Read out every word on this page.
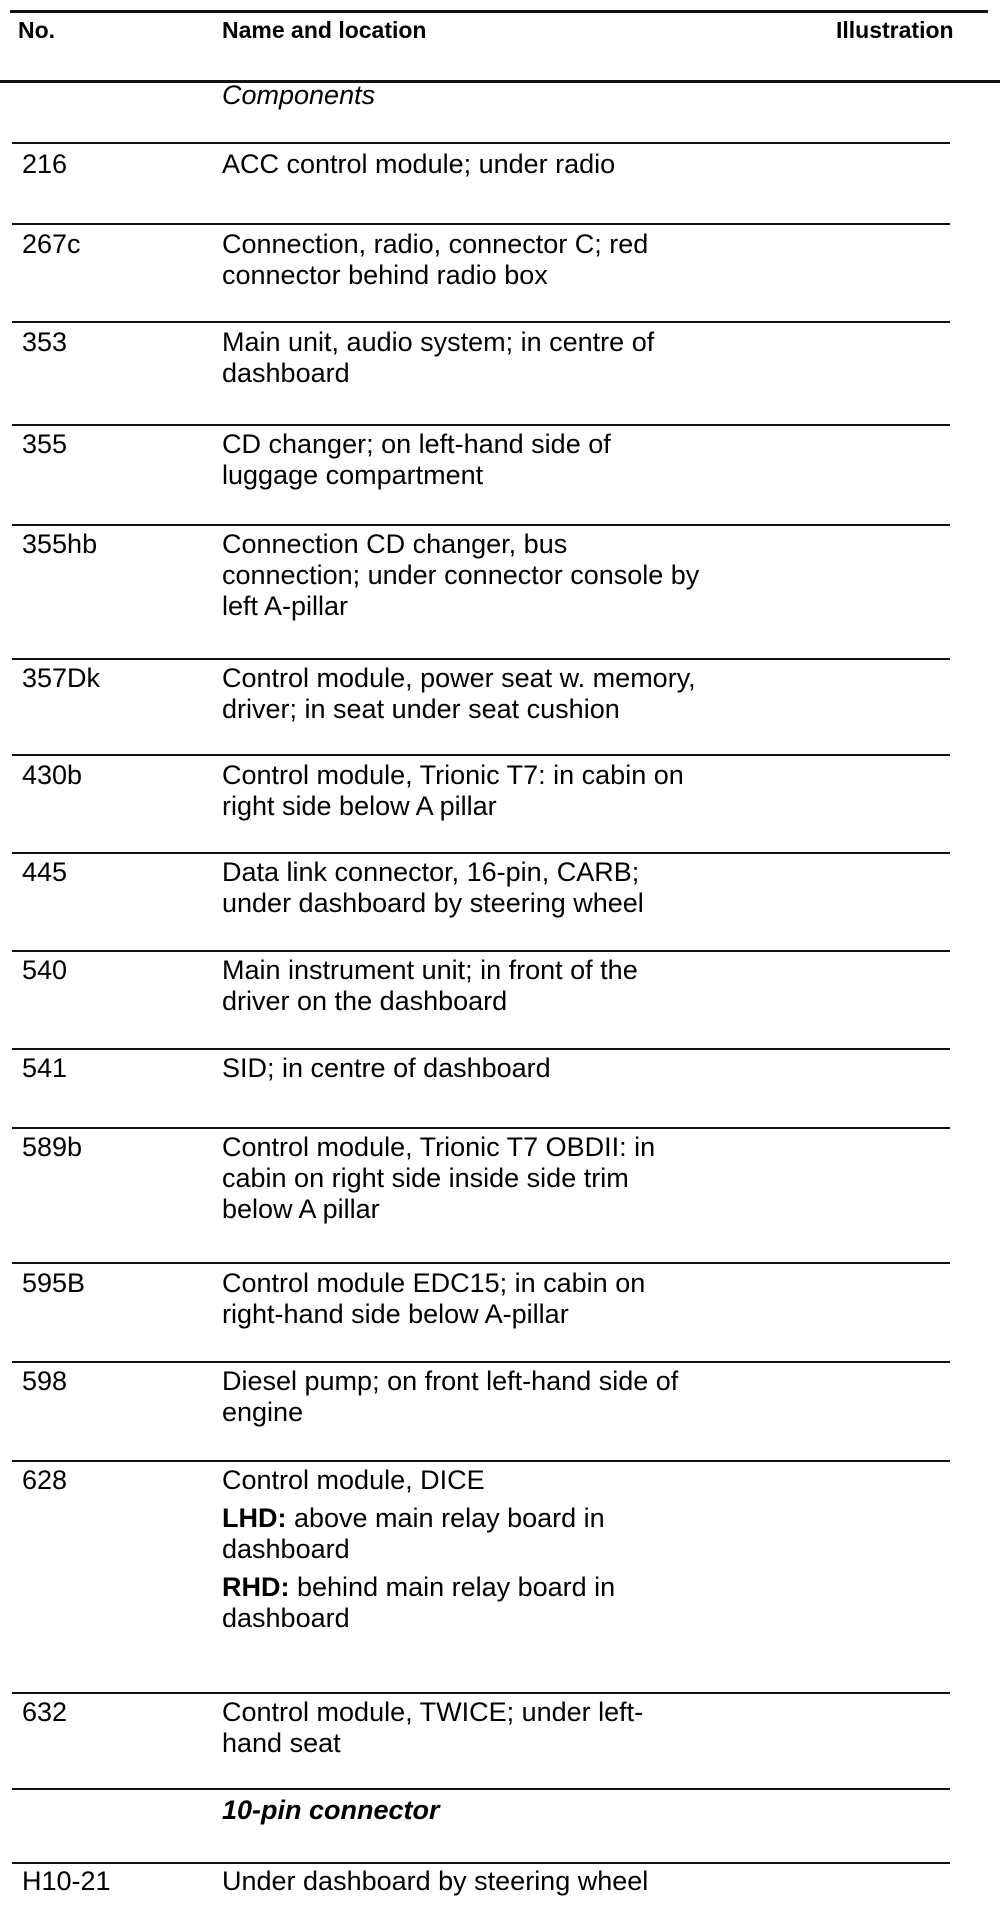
No.	Name and location	Illustration
Components
216	ACC control module; under radio
267c	Connection, radio, connector C; red
connector behind radio box
353	Main unit, audio system; in centre of
dashboard
355	CD changer; on left-hand side of
luggage compartment
355hb	Connection CD changer, bus
connection; under connector console by
left A-pillar
357Dk	Control module, power seat w. memory,
driver; in seat under seat cushion
430b	Control module, Trionic T7: in cabin on
right side below A pillar
445	Data link connector, 16-pin, CARB;
under dashboard by steering wheel
540	Main instrument unit; in front of the
driver on the dashboard
541	SID; in centre of dashboard
589b	Control module, Trionic T7 OBDII: in
cabin on right side inside side trim
below A pillar
595B	Control module EDC15; in cabin on
right-hand side below A-pillar
598	Diesel pump; on front left-hand side of
engine
628	Control module, DICE
LHD: above main relay board in
dashboard
RHD: behind main relay board in
dashboard
632	Control module, TWICE; under left-
hand seat
10-pin connector
H10-21	Under dashboard by steering wheel
